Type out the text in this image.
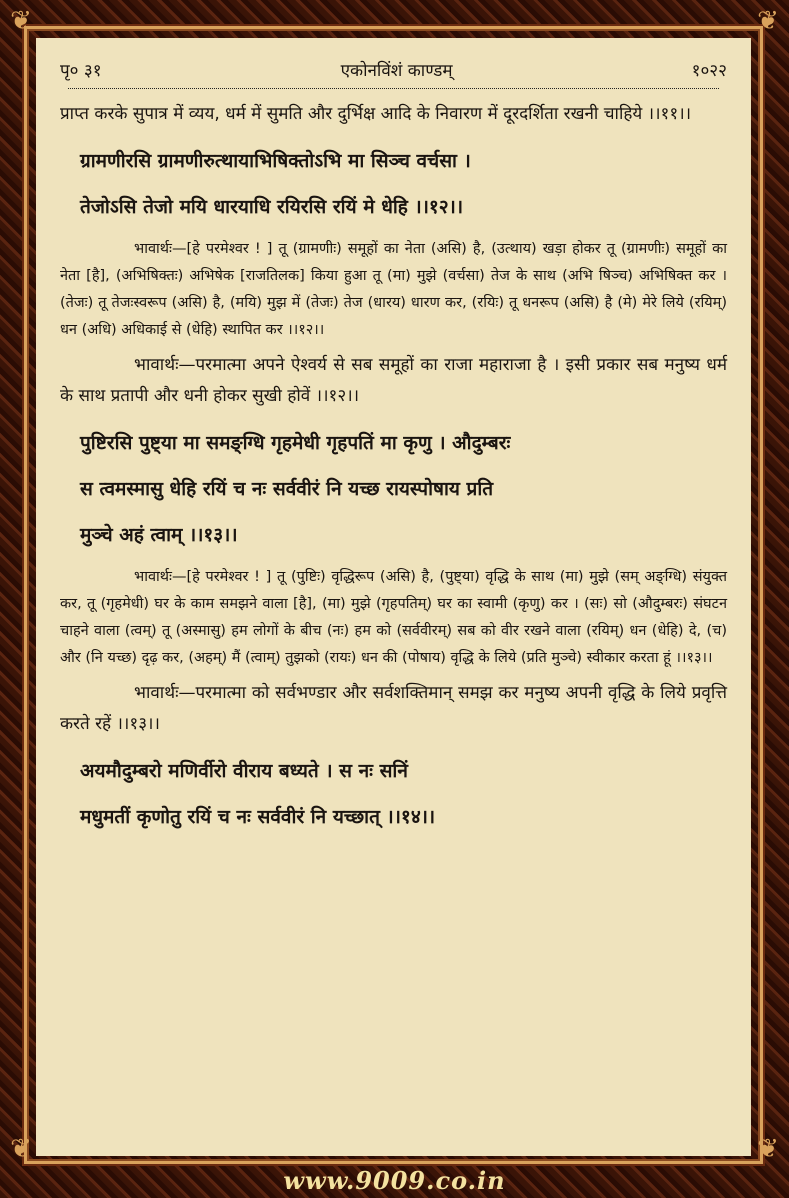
❦	❦
❦	❦
पृ० ३१	एकोनविंशं काण्डम्	१०२२

प्राप्त करके सुपात्र में व्यय, धर्म में सुमति और दुर्भिक्ष आदि के निवारण में दूरदर्शिता रखनी चाहिये ।।११।।

ग्रामणीरसि ग्रामणीरुत्थायाभिषिक्तोऽभि मा सिञ्च वर्चसा ।

तेजोऽसि तेजो मयि धारयाधि रयिरसि रयिं मे धेहि ।।१२।।

भावार्थः—[हे परमेश्वर ! ] तू (ग्रामणीः) समूहों का नेता (असि) है, (उत्थाय) खड़ा होकर तू (ग्रामणीः) समूहों का नेता [है], (अभिषिक्तः) अभिषेक [राजतिलक] किया हुआ तू (मा) मुझे (वर्चसा) तेज के साथ (अभि षिञ्च) अभिषिक्त कर । (तेजः) तू तेजःस्वरूप (असि) है, (मयि) मुझ में (तेजः) तेज (धारय) धारण कर, (रयिः) तू धनरूप (असि) है (मे) मेरे लिये (रयिम्) धन (अधि) अधिकाई से (धेहि) स्थापित कर ।।१२।।

भावार्थः—परमात्मा अपने ऐश्वर्य से सब समूहों का राजा महाराजा है । इसी प्रकार सब मनुष्य धर्म के साथ प्रतापी और धनी होकर सुखी होवें ।।१२।।

पुष्टिरसि पुष्ट्या मा समङ्ग्धि गृहमेधी गृहपतिं मा कृणु । औदुम्बरः

स त्वमस्मासु धेहि रयिं च नः सर्ववीरं नि यच्छ रायस्पोषाय प्रति

मुञ्चे अहं त्वाम् ।।१३।।

भावार्थः—[हे परमेश्वर ! ] तू (पुष्टिः) वृद्धिरूप (असि) है, (पुष्ट्या) वृद्धि के साथ (मा) मुझे (सम् अङ्ग्धि) संयुक्त कर, तू (गृहमेधी) घर के काम समझने वाला [है], (मा) मुझे (गृहपतिम्) घर का स्वामी (कृणु) कर । (सः) सो (औदुम्बरः) संघटन चाहने वाला (त्वम्) तू (अस्मासु) हम लोगों के बीच (नः) हम को (सर्ववीरम्) सब को वीर रखने वाला (रयिम्) धन (धेहि) दे, (च) और (नि यच्छ) दृढ़ कर, (अहम्) मैं (त्वाम्) तुझको (रायः) धन की (पोषाय) वृद्धि के लिये (प्रति मुञ्चे) स्वीकार करता हूं ।।१३।।

भावार्थः—परमात्मा को सर्वभण्डार और सर्वशक्तिमान् समझ कर मनुष्य अपनी वृद्धि के लिये प्रवृत्ति करते रहें ।।१३।।

अयमौदुम्बरो मणिर्वीरो वीराय बध्यते । स नः सनिं

मधुमतीं कृणोतु रयिं च नः सर्ववीरं नि यच्छात् ।।१४।।

www.9009.co.in
